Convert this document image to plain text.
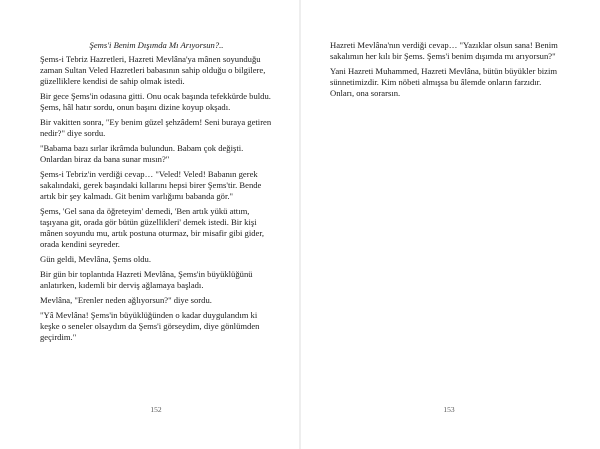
Şems'i Benim Dışımda Mı Arıyorsun?..

Şems-i Tebriz Hazretleri, Hazreti Mevlâna'ya mânen soyunduğu zaman Sultan Veled Hazretleri babasının sahip olduğu o bilgilere, güzelliklere kendisi de sahip olmak istedi.

Bir gece Şems'in odasına gitti. Onu ocak başında tefekkürde buldu. Şems, hâl hatır sordu, onun başını dizine koyup okşadı.

Bir vakitten sonra, "Ey benim güzel şehzâdem! Seni buraya getiren nedir?" diye sordu.

"Babama bazı sırlar ikrâmda bulundun. Babam çok değişti. Onlardan biraz da bana sunar mısın?"

Şems-i Tebriz'in verdiği cevap… "Veled! Veled! Babanın gerek sakalındaki, gerek başındaki kıllarını hepsi birer Şems'tir. Bende artık bir şey kalmadı. Git benim varlığımı babanda gör."

Şems, 'Gel sana da öğreteyim' demedi, 'Ben artık yükü attım, taşıyana git, orada gör bütün güzellikleri' demek istedi. Bir kişi mânen soyundu mu, artık postuna oturmaz, bir misafir gibi gider, orada kendini seyreder.

Gün geldi, Mevlâna, Şems oldu.

Bir gün bir toplantıda Hazreti Mevlâna, Şems'in büyüklüğünü anlatırken, kıdemli bir derviş ağlamaya başladı.

Mevlâna, "Erenler neden ağlıyorsun?" diye sordu.

"Yâ Mevlâna! Şems'in büyüklüğünden o kadar duygulandım ki keşke o seneler olsaydım da Şems'i görseydim, diye gönlümden geçirdim."

152

Hazreti Mevlâna'nın verdiği cevap… "Yazıklar olsun sana! Benim sakalımın her kılı bir Şems. Şems'i benim dışımda mı arıyorsun?"

Yani Hazreti Muhammed, Hazreti Mevlâna, bütün büyükler bizim sünnetimizdir. Kim nöbeti almışsa bu âlemde onların farzıdır. Onları, ona sorarsın.

153
